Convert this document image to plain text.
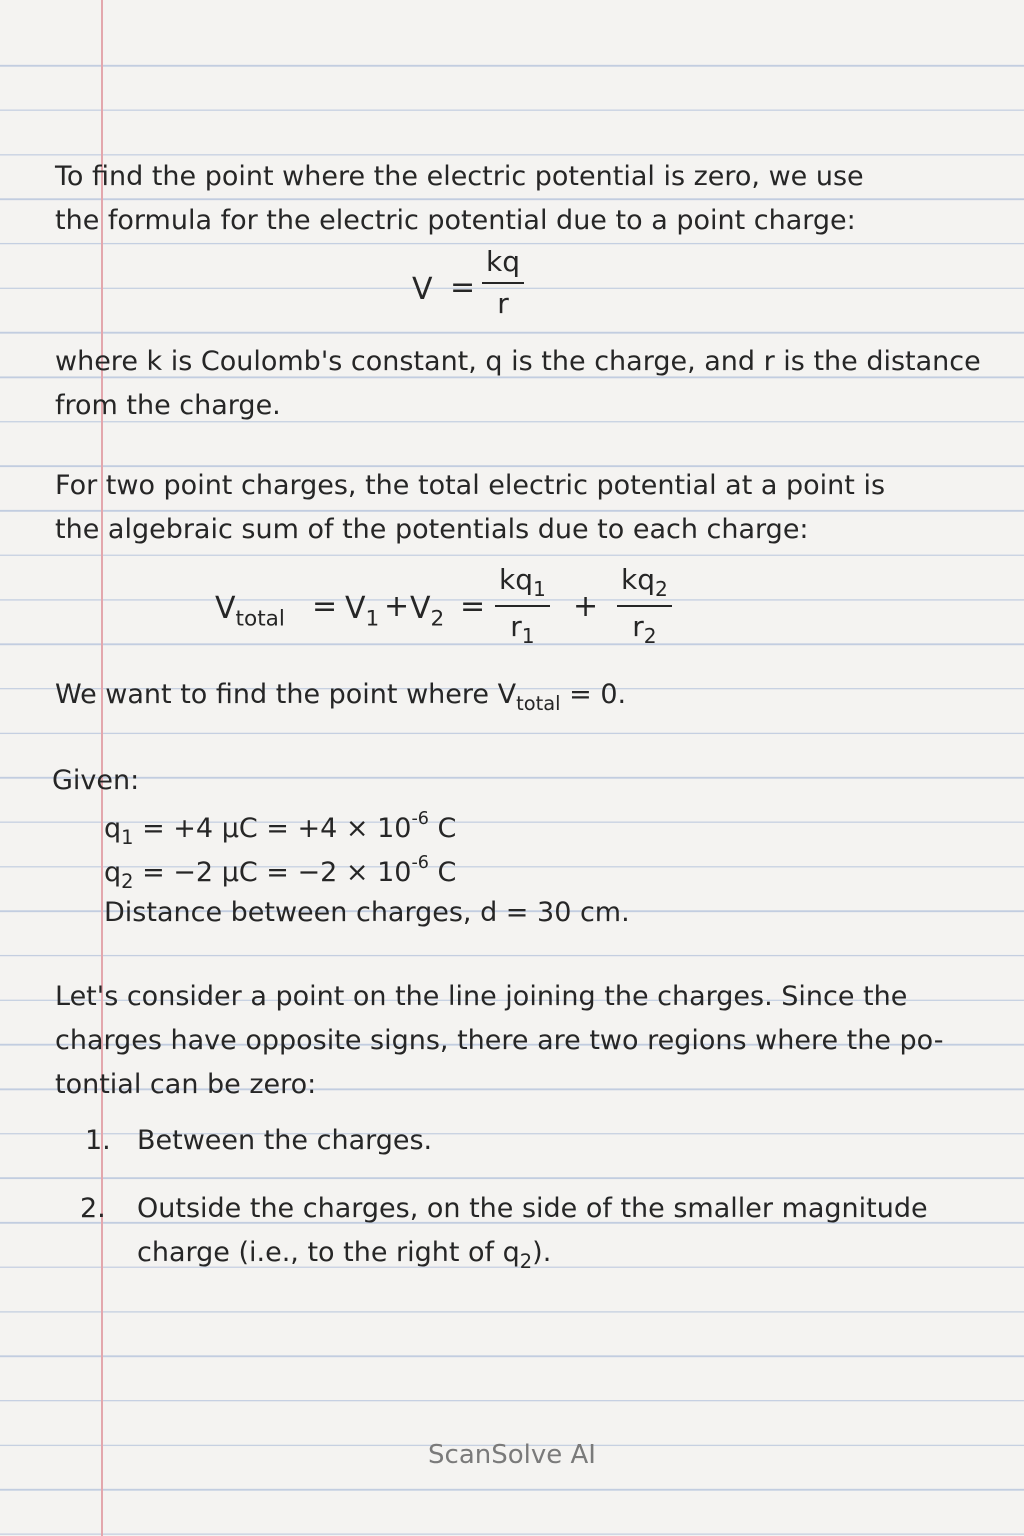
To find the point where the electric potential is zero, we use
the formula for the electric potential due to a point charge:
$V = \frac{kq}{r}$
where k is Coulomb's constant, q is the charge, and r is the distance
from the charge.
For two point charges, the total electric potential at a point is
the algebraic sum of the potentials due to each charge:
$V_{total} = V_1 + V_2 = \frac{kq_1}{r_1} + \frac{kq_2}{r_2}$
We want to find the point where $V_{total} = 0$.
Given:
$q_1 = +4$ $\mu C = +4 \times 10^{-6}$ C
$q_2 = -2$ $\mu C = -2 \times 10^{-6}$ C
Distance between charges, d = 30 cm.
Let's consider a point on the line joining the charges. Since the
charges have opposite signs, there are two regions where the po-
tontial can be zero:
1. Between the charges.
2. Outside the charges, on the side of the smaller magnitude
charge (i.e., to the right of $q_2$).
ScanSolve AI
